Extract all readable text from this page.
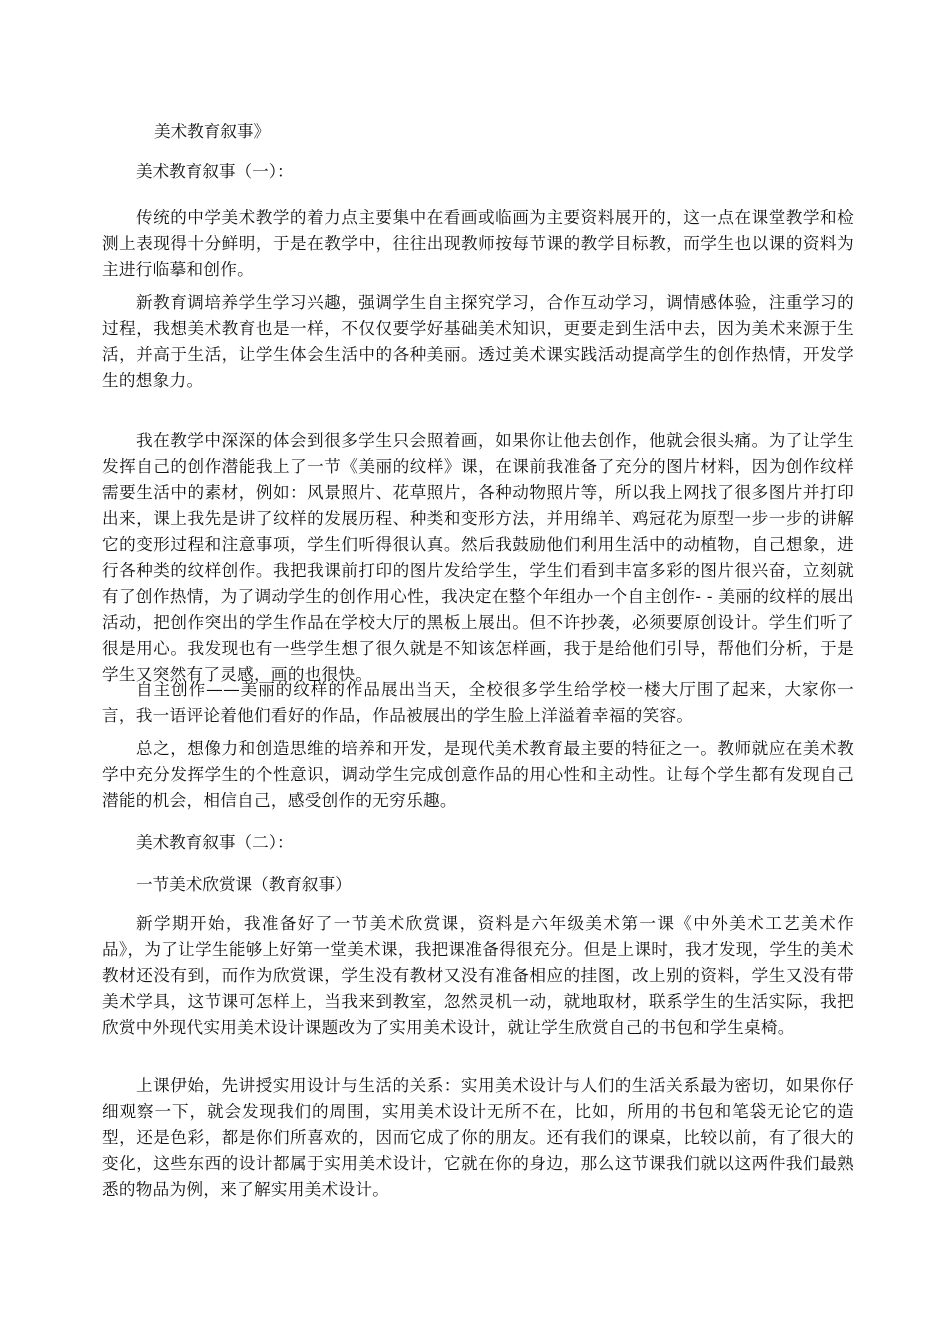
美术教育叙事》

美术教育叙事（一）：

传统的中学美术教学的着力点主要集中在看画或临画为主要资料展开的，这一点在课堂教学和检测上表现得十分鲜明，于是在教学中，往往出现教师按每节课的教学目标教，而学生也以课的资料为主进行临摹和创作。

新教育调培养学生学习兴趣，强调学生自主探究学习，合作互动学习，调情感体验，注重学习的过程，我想美术教育也是一样，不仅仅要学好基础美术知识，更要走到生活中去，因为美术来源于生活，并高于生活，让学生体会生活中的各种美丽。透过美术课实践活动提高学生的创作热情，开发学生的想象力。

我在教学中深深的体会到很多学生只会照着画，如果你让他去创作，他就会很头痛。为了让学生发挥自己的创作潜能我上了一节《美丽的纹样》课，在课前我准备了充分的图片材料，因为创作纹样需要生活中的素材，例如：风景照片、花草照片，各种动物照片等，所以我上网找了很多图片并打印出来，课上我先是讲了纹样的发展历程、种类和变形方法，并用绵羊、鸡冠花为原型一步一步的讲解它的变形过程和注意事项，学生们听得很认真。然后我鼓励他们利用生活中的动植物，自己想象，进行各种类的纹样创作。我把我课前打印的图片发给学生，学生们看到丰富多彩的图片很兴奋，立刻就有了创作热情，为了调动学生的创作用心性，我决定在整个年组办一个自主创作- - 美丽的纹样的展出活动，把创作突出的学生作品在学校大厅的黑板上展出。但不许抄袭，必须要原创设计。学生们听了很是用心。我发现也有一些学生想了很久就是不知该怎样画，我于是给他们引导，帮他们分析，于是学生又突然有了灵感，画的也很快。

自主创作——美丽的纹样的作品展出当天，全校很多学生给学校一楼大厅围了起来，大家你一言，我一语评论着他们看好的作品，作品被展出的学生脸上洋溢着幸福的笑容。

总之，想像力和创造思维的培养和开发，是现代美术教育最主要的特征之一。教师就应在美术教学中充分发挥学生的个性意识，调动学生完成创意作品的用心性和主动性。让每个学生都有发现自己潜能的机会，相信自己，感受创作的无穷乐趣。

美术教育叙事（二）：

一节美术欣赏课（教育叙事）

新学期开始，我准备好了一节美术欣赏课，资料是六年级美术第一课《中外美术工艺美术作品》，为了让学生能够上好第一堂美术课，我把课准备得很充分。但是上课时，我才发现，学生的美术教材还没有到，而作为欣赏课，学生没有教材又没有准备相应的挂图，改上别的资料，学生又没有带美术学具，这节课可怎样上，当我来到教室，忽然灵机一动，就地取材，联系学生的生活实际，我把欣赏中外现代实用美术设计课题改为了实用美术设计，就让学生欣赏自己的书包和学生桌椅。

上课伊始，先讲授实用设计与生活的关系：实用美术设计与人们的生活关系最为密切，如果你仔细观察一下，就会发现我们的周围，实用美术设计无所不在，比如，所用的书包和笔袋无论它的造型，还是色彩，都是你们所喜欢的，因而它成了你的朋友。还有我们的课桌，比较以前，有了很大的变化，这些东西的设计都属于实用美术设计，它就在你的身边，那么这节课我们就以这两件我们最熟悉的物品为例，来了解实用美术设计。
